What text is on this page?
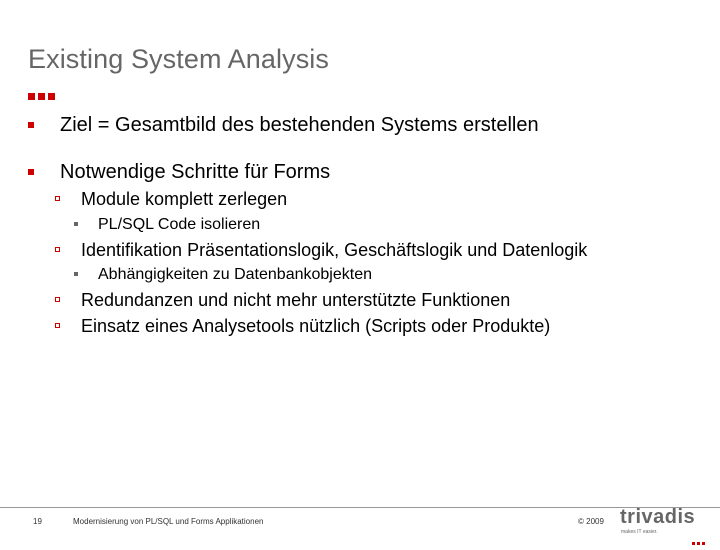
Existing System Analysis
Ziel = Gesamtbild des bestehenden Systems erstellen
Notwendige Schritte für Forms
Module komplett zerlegen
PL/SQL Code isolieren
Identifikation Präsentationslogik, Geschäftslogik und Datenlogik
Abhängigkeiten zu Datenbankobjekten
Redundanzen und nicht mehr unterstützte Funktionen
Einsatz eines Analysetools nützlich (Scripts oder Produkte)
19	Modernisierung von PL/SQL und Forms Applikationen	© 2009 trivadis
makes IT easier.
